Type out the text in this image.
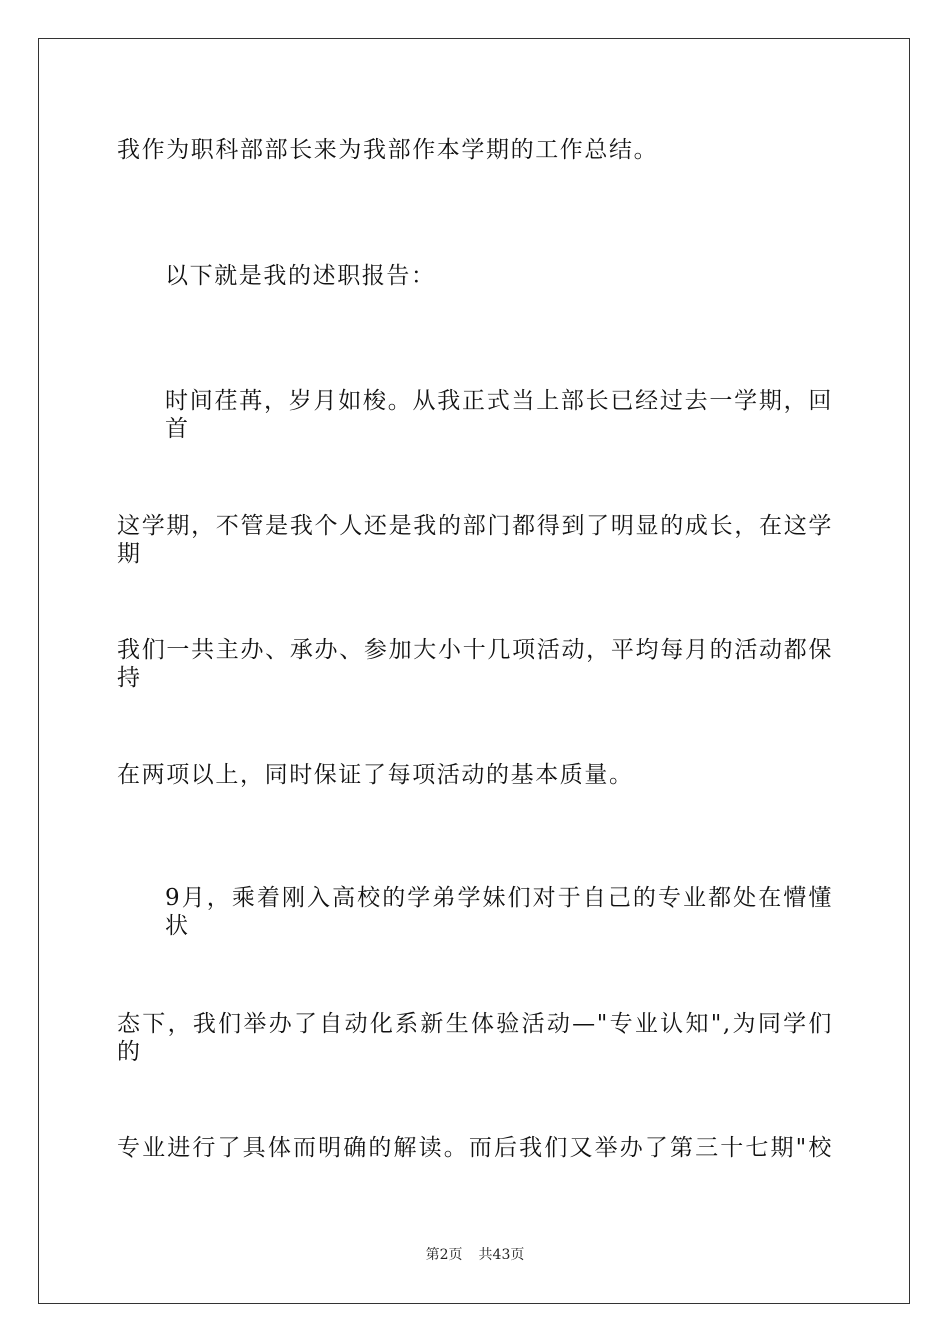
我作为职科部部长来为我部作本学期的工作总结。
以下就是我的述职报告：
时间荏苒，岁月如梭。从我正式当上部长已经过去一学期，回首
这学期，不管是我个人还是我的部门都得到了明显的成长，在这学期
我们一共主办、承办、参加大小十几项活动，平均每月的活动都保持
在两项以上，同时保证了每项活动的基本质量。
9月，乘着刚入高校的学弟学妹们对于自己的专业都处在懵懂状
态下，我们举办了自动化系新生体验活动—"专业认知",为同学们的
专业进行了具体而明确的解读。而后我们又举办了第三十七期"校
第2页 共43页
